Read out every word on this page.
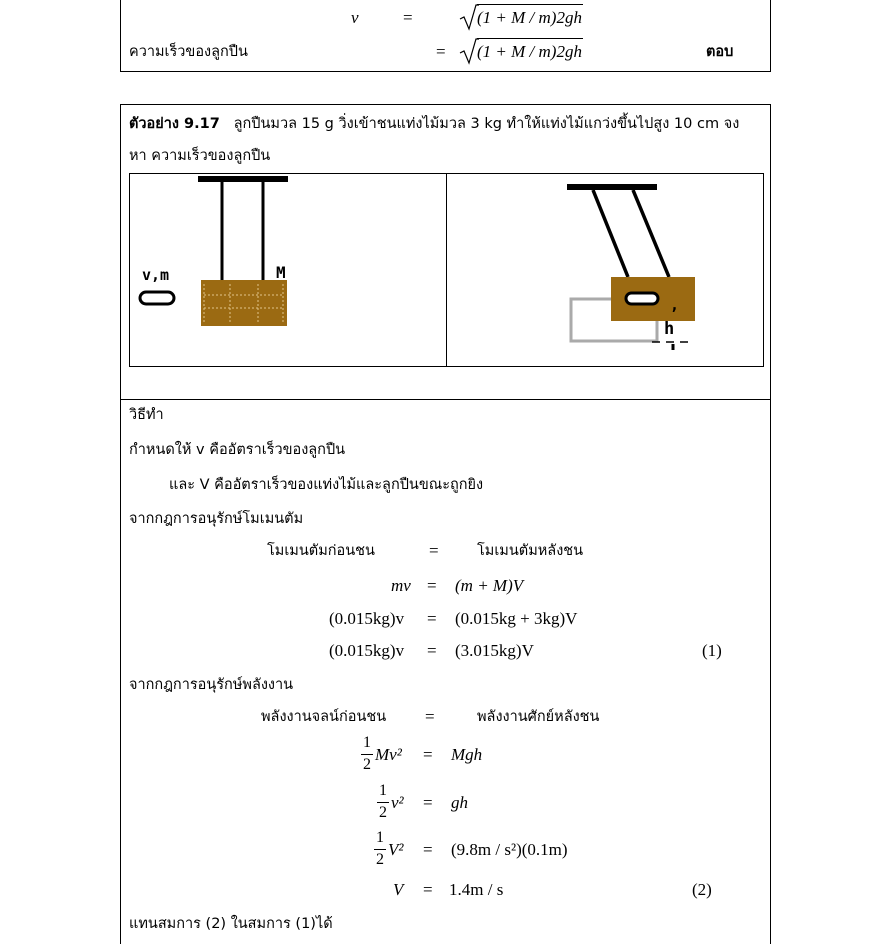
v	=	(1 + M / m)2gh
ความเร็วของลูกปืน	= (1 + M / m)2gh	ตอบ
ตัวอย่าง 9.17 ลูกปืนมวล 15 g วิ่งเข้าชนแท่งไม้มวล 3 kg ทำให้แท่งไม้แกว่งขึ้นไปสูง 10 cm จง
หา ความเร็วของลูกปืน
v,m	M
,
h
วิธีทำ
กำหนดให้ v คืออัตราเร็วของลูกปืน
และ V คืออัตราเร็วของแท่งไม้และลูกปืนขณะถูกยิง
จากกฎการอนุรักษ์โมเมนตัม
โมเมนตัมก่อนชน	=	โมเมนตัมหลังชน
mv = (m + M)V
(0.015kg)v = (0.015kg + 3kg)V
(0.015kg)v = (3.015kg)V	(1)
จากกฎการอนุรักษ์พลังงาน
พลังงานจลน์ก่อนชน =	พลังงานศักย์หลังชน
1
2
Mv² = Mgh
1
2
v² = gh
1
2
V² = (9.8m / s²)(0.1m)
V = 1.4m / s	(2)
แทนสมการ (2) ในสมการ (1)ได้
